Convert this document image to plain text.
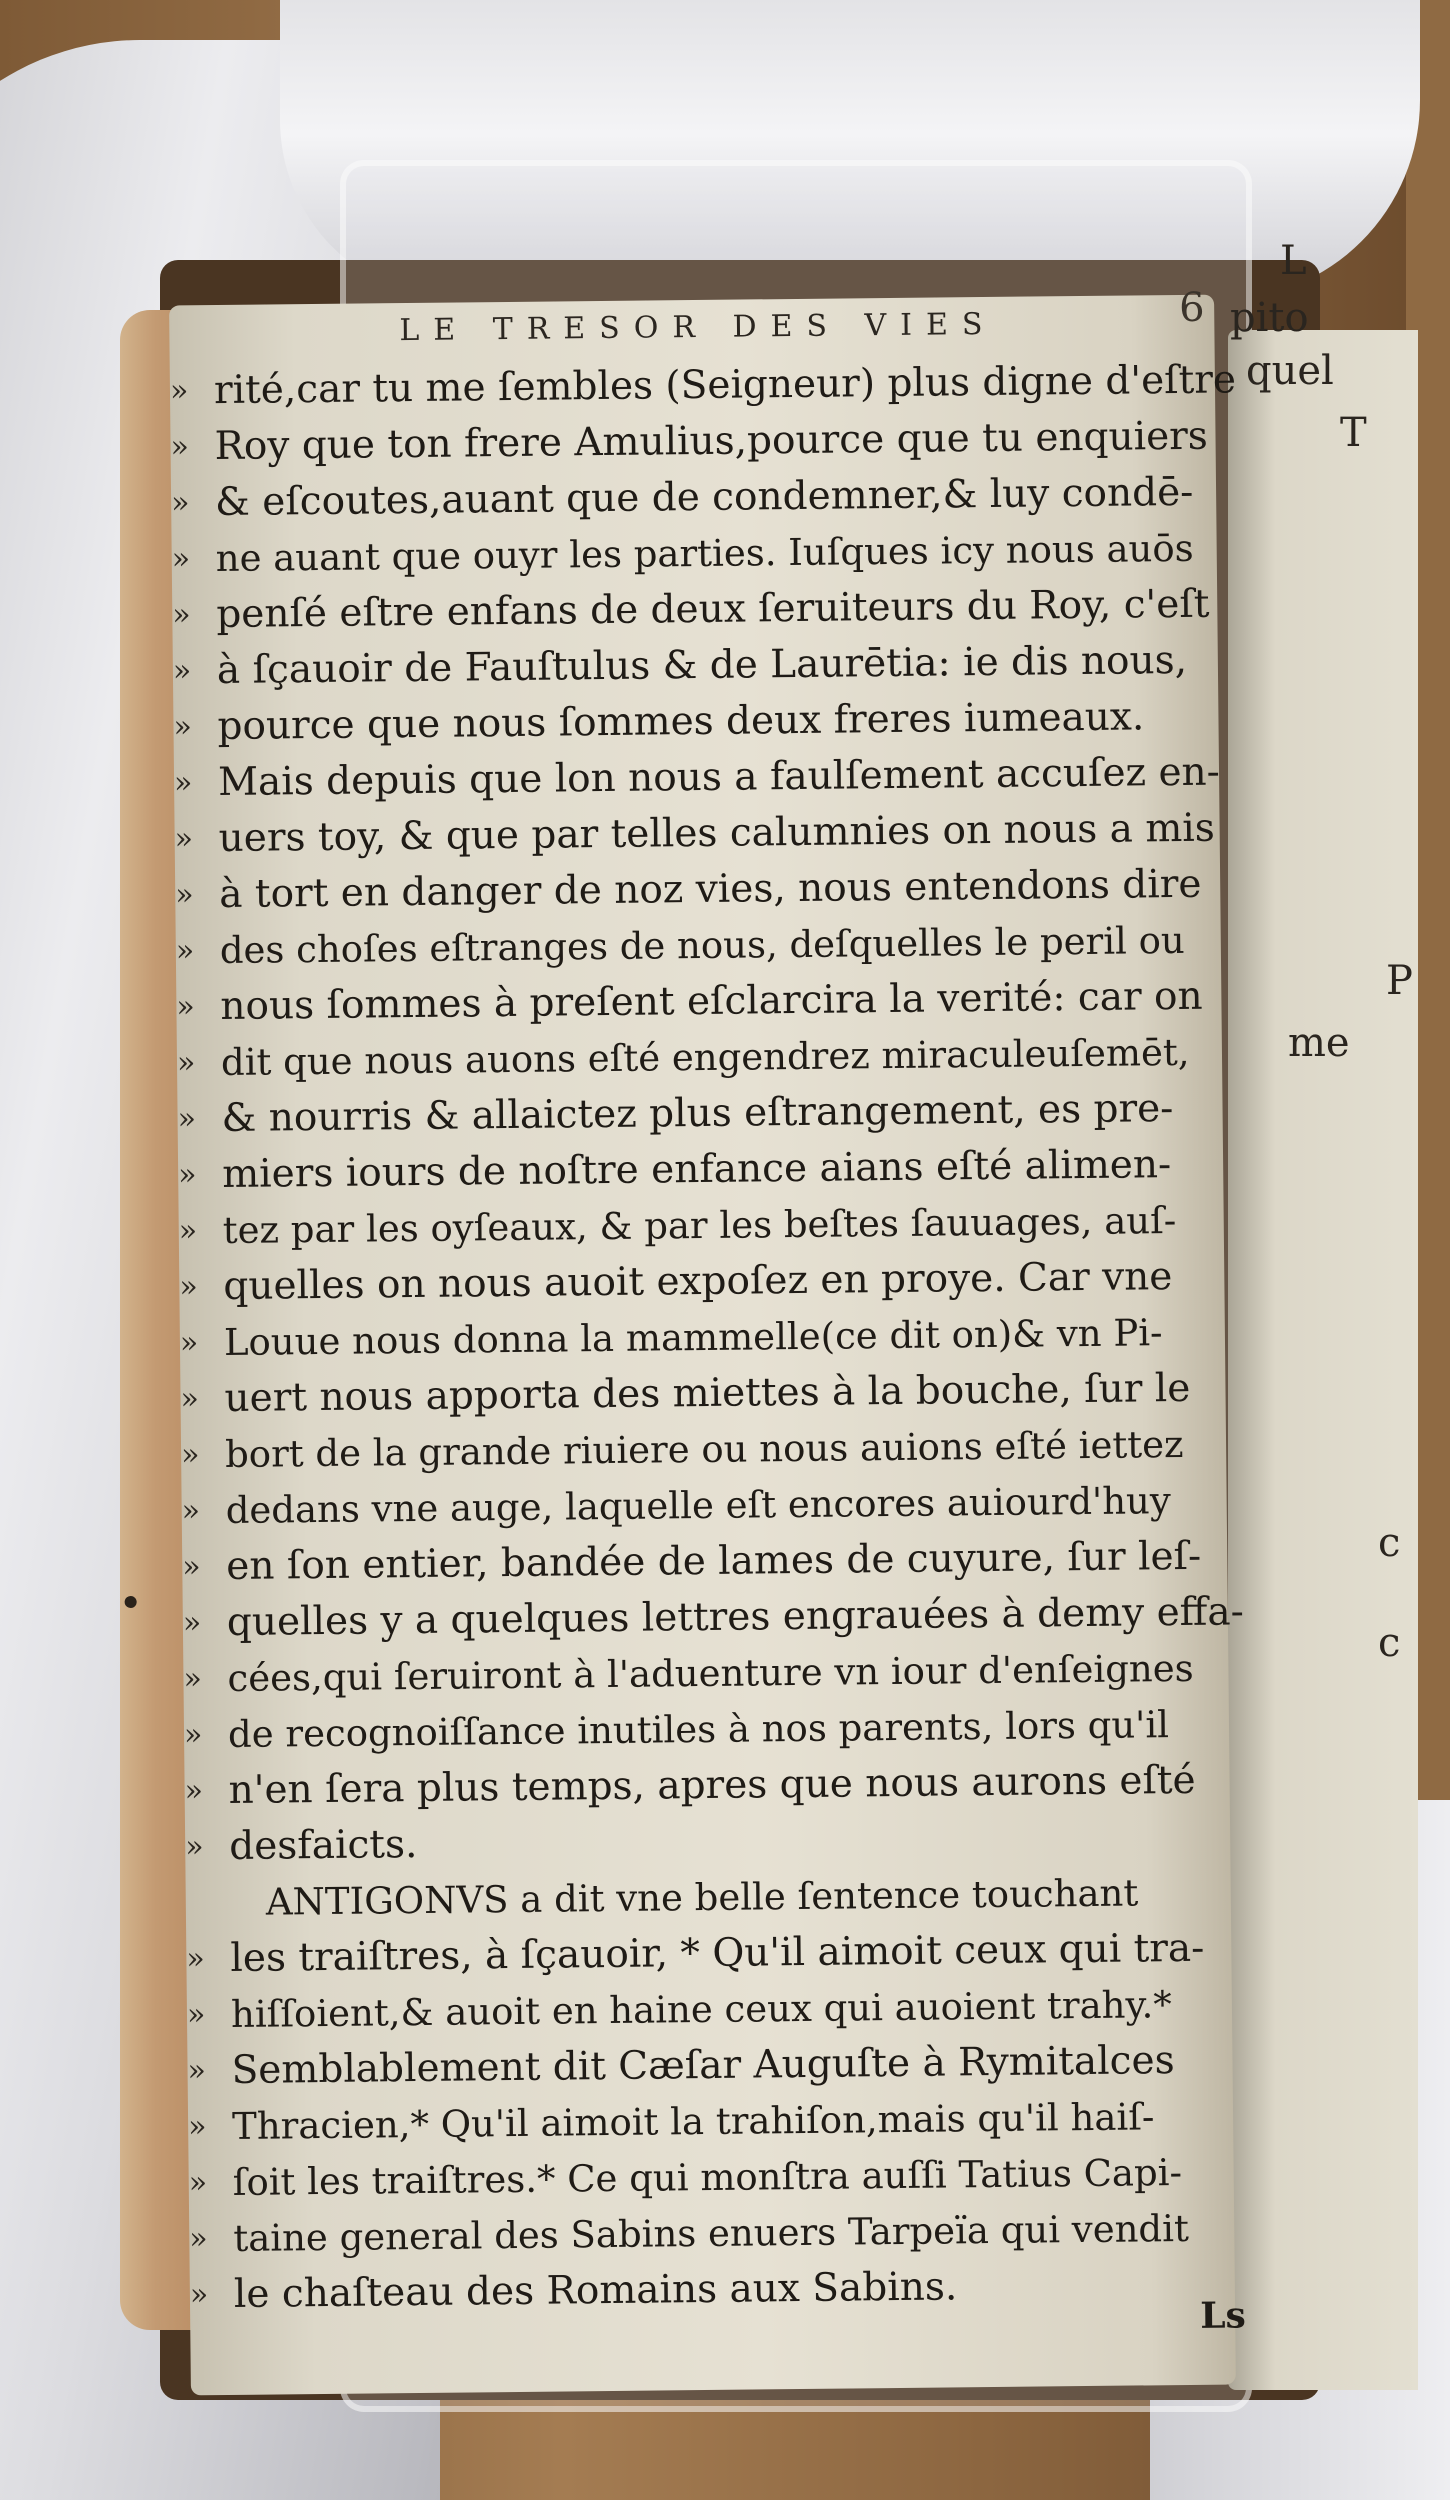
L
pito
quel
T
P
me
c
c
LE TRESOR DES VIES	6
» rité,car tu me ſembles (Seigneur) plus digne d'eſtre
» Roy que ton frere Amulius,pource que tu enquiers
» & eſcoutes,auant que de condemner,& luy condē-
» ne auant que ouyr les parties. Iuſques icy nous auōs
» penſé eſtre enfans de deux ſeruiteurs du Roy, c'eſt
» à ſçauoir de Fauſtulus & de Laurētia: ie dis nous,
» pource que nous ſommes deux freres iumeaux.
» Mais depuis que lon nous a faulſement accuſez en-
» uers toy, & que par telles calumnies on nous a mis
» à tort en danger de noz vies, nous entendons dire
» des choſes eſtranges de nous, deſquelles le peril ou
» nous ſommes à preſent eſclarcira la verité: car on
» dit que nous auons eſté engendrez miraculeuſemēt,
» & nourris & allaictez plus eſtrangement, es pre-
» miers iours de noſtre enfance aians eſté alimen-
» tez par les oyſeaux, & par les beſtes ſauuages, auſ-
» quelles on nous auoit expoſez en proye. Car vne
» Louue nous donna la mammelle(ce dit on)& vn Pi-
» uert nous apporta des miettes à la bouche, ſur le
» bort de la grande riuiere ou nous auions eſté iettez
» dedans vne auge, laquelle eſt encores auiourd'huy
» en ſon entier, bandée de lames de cuyure, ſur leſ-
» quelles y a quelques lettres engrauées à demy effa-
» cées,qui ſeruiront à l'aduenture vn iour d'enſeignes
» de recognoiſſance inutiles à nos parents, lors qu'il
» n'en ſera plus temps, apres que nous aurons eſté
» desfaicts.
ANTIGONVS a dit vne belle ſentence touchant
» les traiſtres, à ſçauoir, * Qu'il aimoit ceux qui tra-
» hiſſoient,& auoit en haine ceux qui auoient trahy.*
» Semblablement dit Cæſar Auguſte à Rymitalces
» Thracien,* Qu'il aimoit la trahiſon,mais qu'il haiſ-
» ſoit les traiſtres.* Ce qui monſtra auſſi Tatius Capi-
» taine general des Sabins enuers Tarpeïa qui vendit
» le chaſteau des Romains aux Sabins.	Ls
